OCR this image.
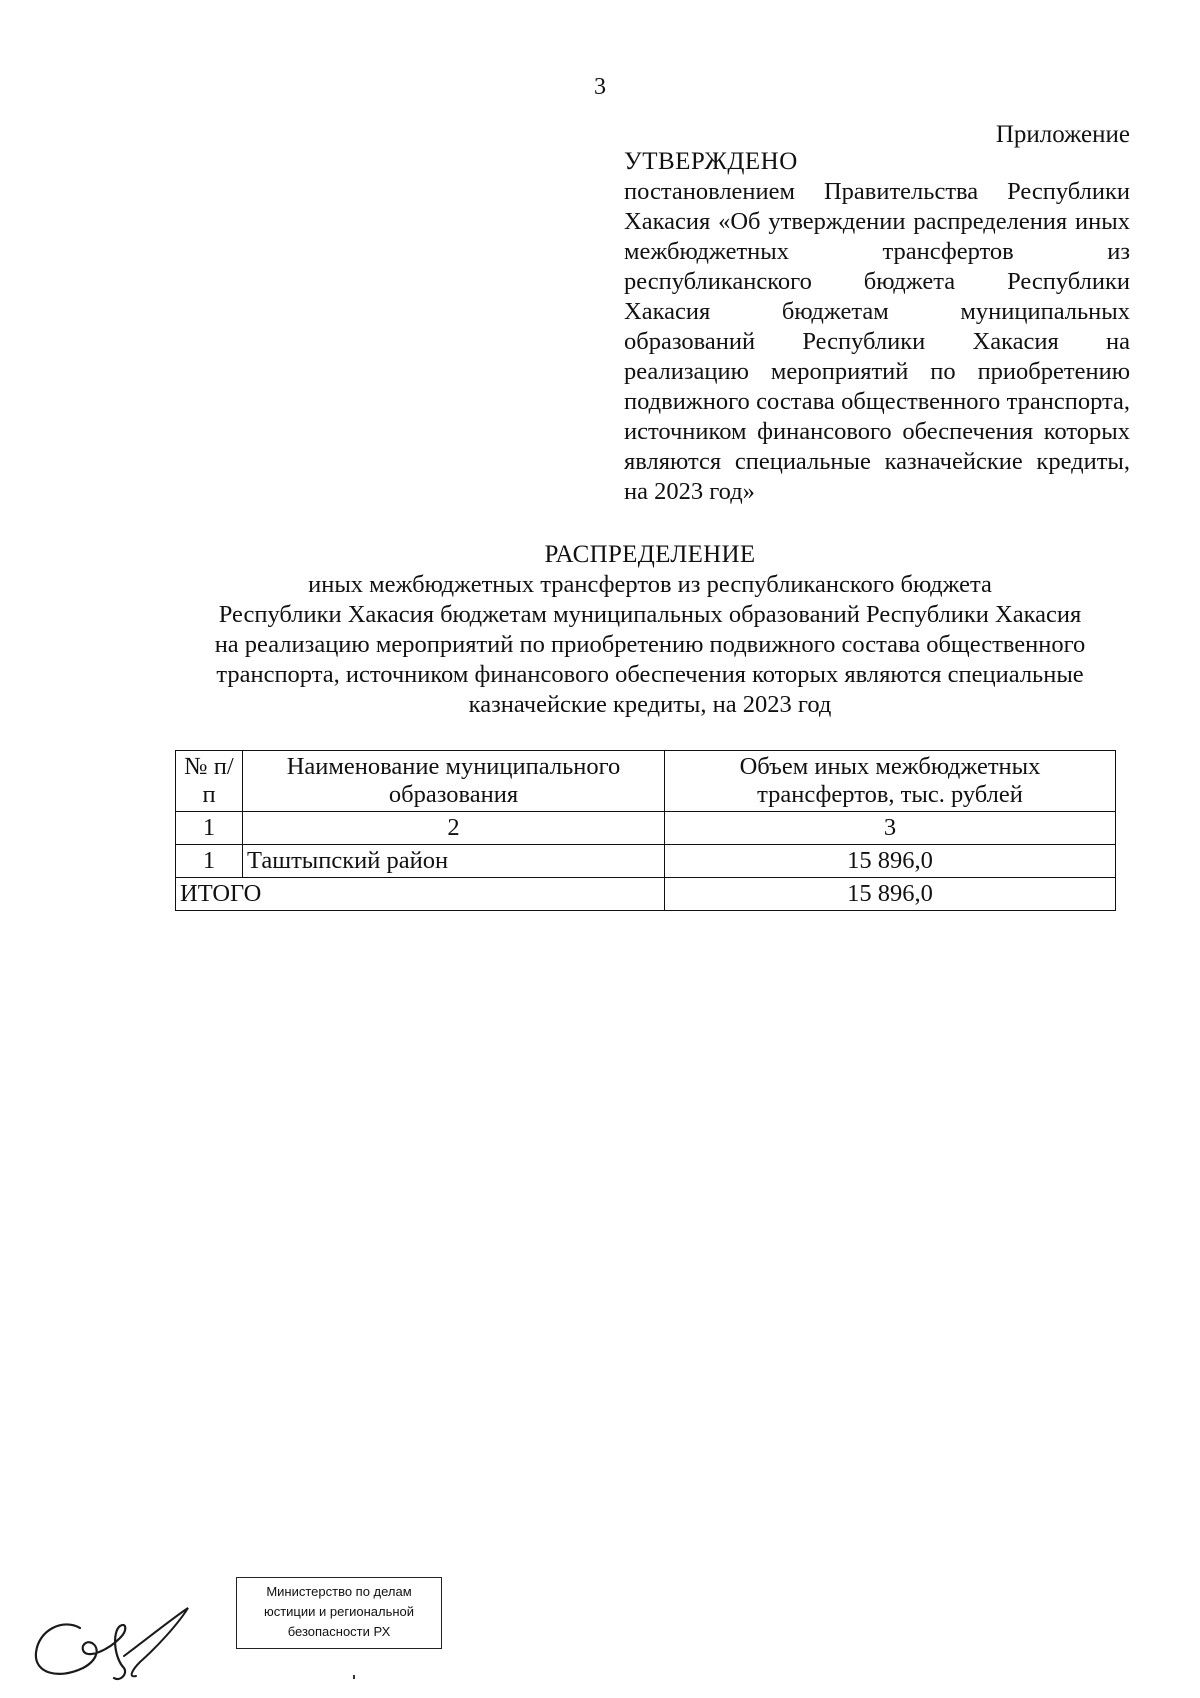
3
Приложение
УТВЕРЖДЕНО
постановлением Правительства Республики Хакасия «Об утверждении распределения иных межбюджетных трансфертов из республиканского бюджета Республики Хакасия бюджетам муниципальных образований Республики Хакасия на реализацию мероприятий по приобретению подвижного состава общественного транспорта, источником финансового обеспечения которых являются специальные казначейские кредиты, на 2023 год»
РАСПРЕДЕЛЕНИЕ
иных межбюджетных трансфертов из республиканского бюджета
Республики Хакасия бюджетам муниципальных образований Республики Хакасия
на реализацию мероприятий по приобретению подвижного состава общественного
транспорта, источником финансового обеспечения которых являются специальные
казначейские кредиты, на 2023 год
№ п/п	Наименование муниципального образования	Объем иных межбюджетных трансфертов, тыс. рублей
1	2	3
1	Таштыпский район	15 896,0
ИТОГО		15 896,0
Министерство по делам
юстиции и региональной
безопасности РХ
